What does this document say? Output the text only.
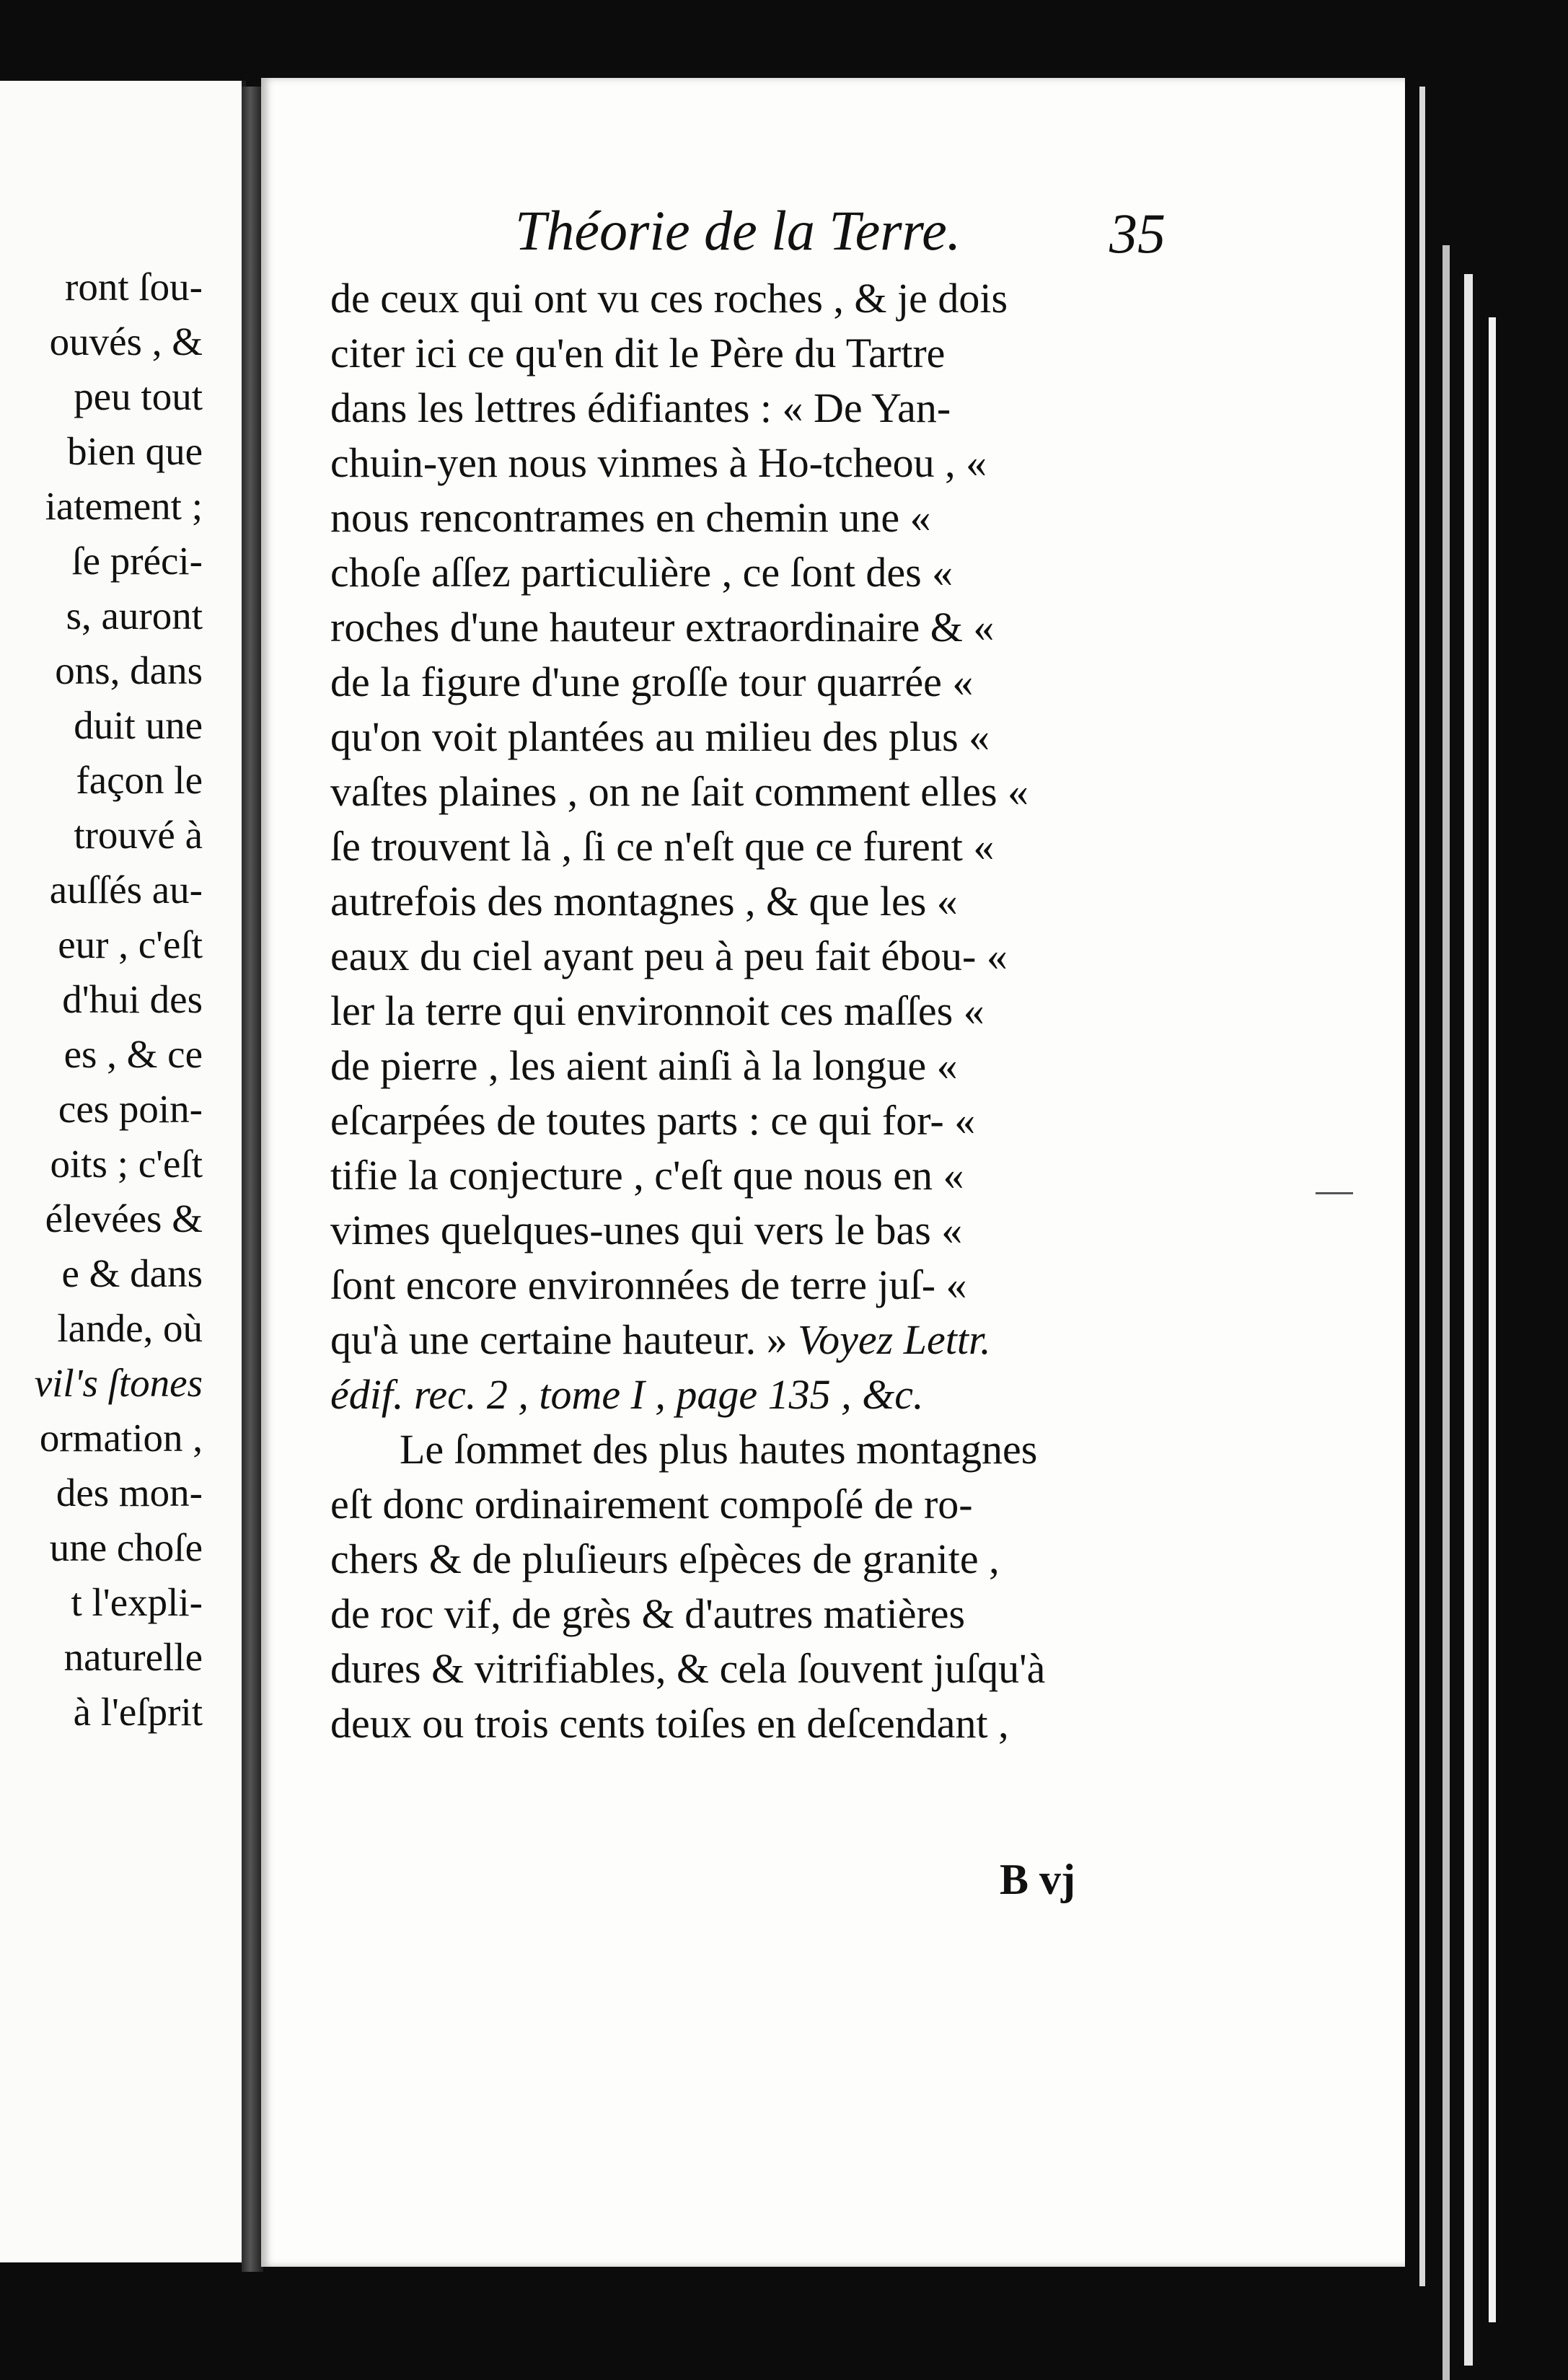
ront ſou-
ouvés , &
peu tout
bien que
iatement ;
ſe préci-
s, auront
ons, dans
duit une
façon le
trouvé à
auſſés au-
eur , c'eſt
d'hui des
es , & ce
ces poin-
oits ; c'eſt
élevées &
e & dans
lande, où
vil's ſtones
ormation ,
des mon-
une choſe
t l'expli-
naturelle
à l'eſprit
Théorie de la Terre.	35
de ceux qui ont vu ces roches , & je dois
citer ici ce qu'en dit le Père du Tartre
dans les lettres édifiantes : « De Yan-
chuin-yen nous vinmes à Ho-tcheou , «
nous rencontrames en chemin une «
choſe aſſez particulière , ce ſont des «
roches d'une hauteur extraordinaire & «
de la figure d'une groſſe tour quarrée «
qu'on voit plantées au milieu des plus «
vaſtes plaines , on ne ſait comment elles «
ſe trouvent là , ſi ce n'eſt que ce furent «
autrefois des montagnes , & que les «
eaux du ciel ayant peu à peu fait ébou- «
ler la terre qui environnoit ces maſſes «
de pierre , les aient ainſi à la longue «
eſcarpées de toutes parts : ce qui for- «
tifie la conjecture , c'eſt que nous en «
vimes quelques-unes qui vers le bas «
ſont encore environnées de terre juſ- «
qu'à une certaine hauteur. » Voyez Lettr.
édif. rec. 2 , tome I , page 135 , &c.
Le ſommet des plus hautes montagnes
eſt donc ordinairement compoſé de ro-
chers & de pluſieurs eſpèces de granite ,
de roc vif, de grès & d'autres matières
dures & vitrifiables, & cela ſouvent juſqu'à
deux ou trois cents toiſes en deſcendant ,
B vj
